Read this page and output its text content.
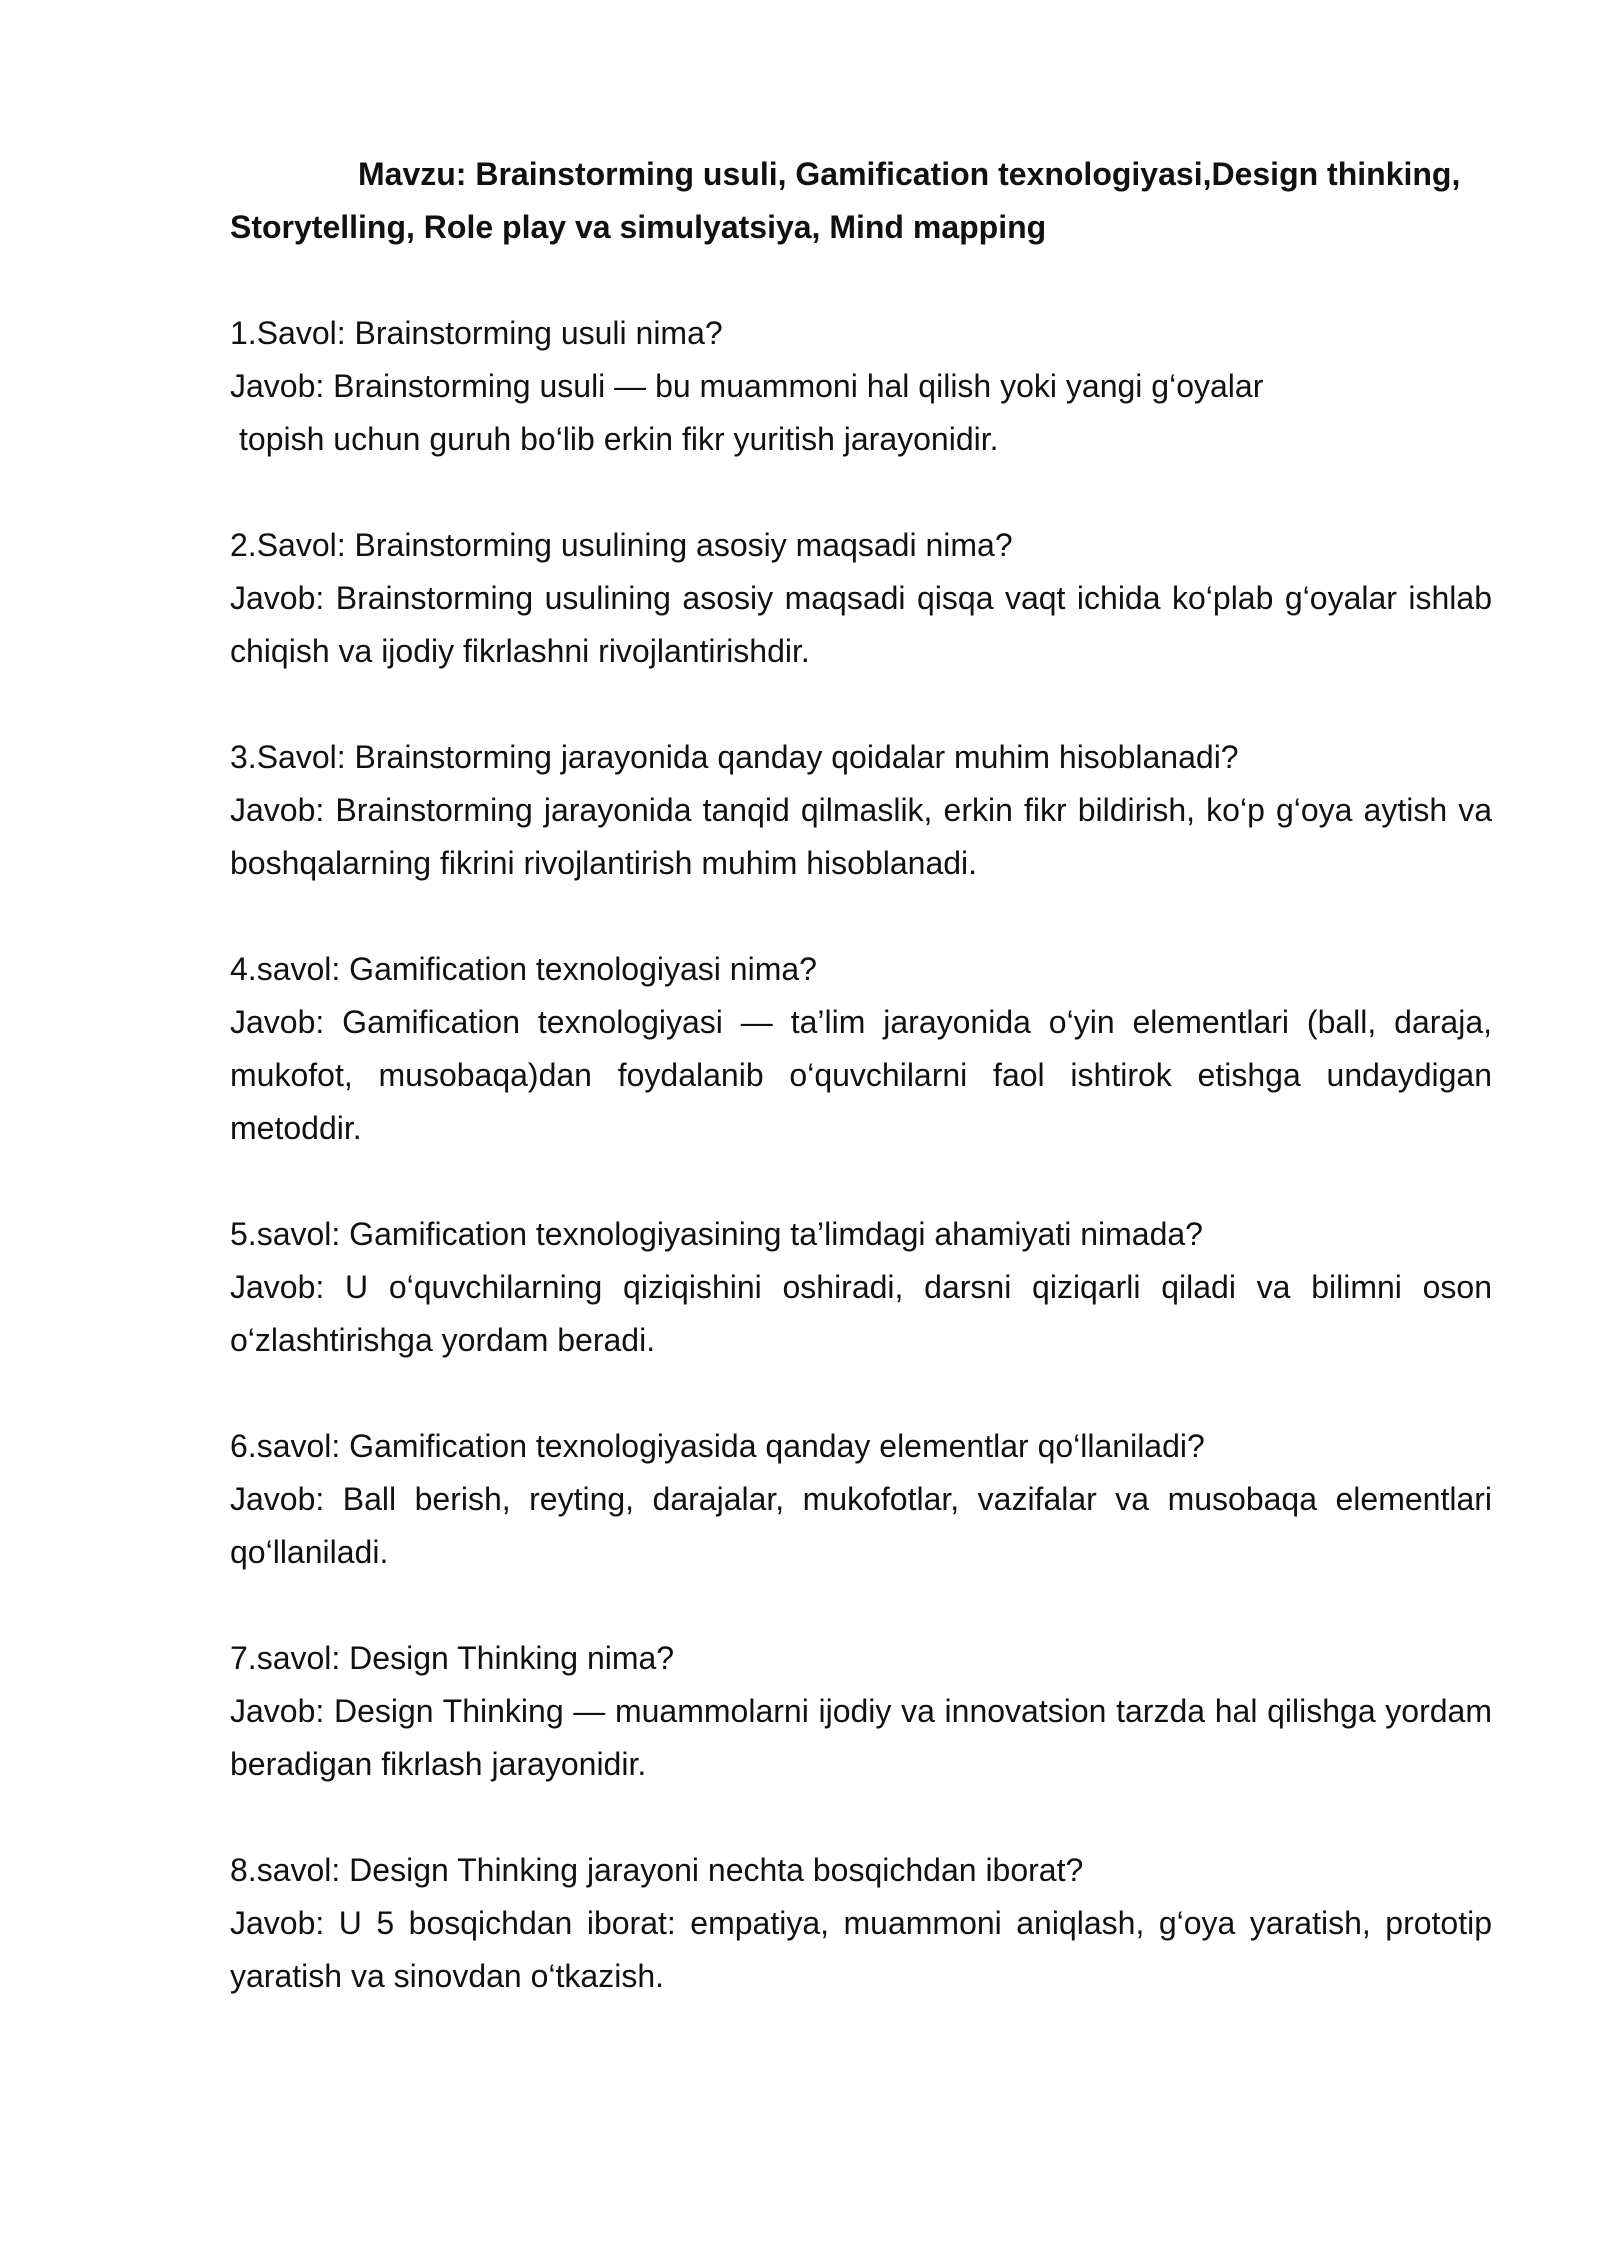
Mavzu: Brainstorming usuli, Gamification texnologiyasi,Design thinking, Storytelling, Role play va simulyatsiya, Mind mapping

1.Savol: Brainstorming usuli nima?

Javob: Brainstorming usuli — bu muammoni hal qilish yoki yangi g‘oyalar
topish uchun guruh bo‘lib erkin fikr yuritish jarayonidir.

2.Savol: Brainstorming usulining asosiy maqsadi nima?

Javob: Brainstorming usulining asosiy maqsadi qisqa vaqt ichida ko‘plab g‘oyalar ishlab chiqish va ijodiy fikrlashni rivojlantirishdir.

3.Savol: Brainstorming jarayonida qanday qoidalar muhim hisoblanadi?

Javob: Brainstorming jarayonida tanqid qilmaslik, erkin fikr bildirish, ko‘p g‘oya aytish va boshqalarning fikrini rivojlantirish muhim hisoblanadi.

4.savol: Gamification texnologiyasi nima?

Javob: Gamification texnologiyasi — ta’lim jarayonida o‘yin elementlari (ball, daraja, mukofot, musobaqa)dan foydalanib o‘quvchilarni faol ishtirok etishga undaydigan metoddir.

5.savol: Gamification texnologiyasining ta’limdagi ahamiyati nimada?

Javob: U o‘quvchilarning qiziqishini oshiradi, darsni qiziqarli qiladi va bilimni oson o‘zlashtirishga yordam beradi.

6.savol: Gamification texnologiyasida qanday elementlar qo‘llaniladi?

Javob: Ball berish, reyting, darajalar, mukofotlar, vazifalar va musobaqa elementlari qo‘llaniladi.

7.savol: Design Thinking nima?

Javob: Design Thinking — muammolarni ijodiy va innovatsion tarzda hal qilishga yordam beradigan fikrlash jarayonidir.

8.savol: Design Thinking jarayoni nechta bosqichdan iborat?

Javob: U 5 bosqichdan iborat: empatiya, muammoni aniqlash, g‘oya yaratish, prototip yaratish va sinovdan o‘tkazish.
